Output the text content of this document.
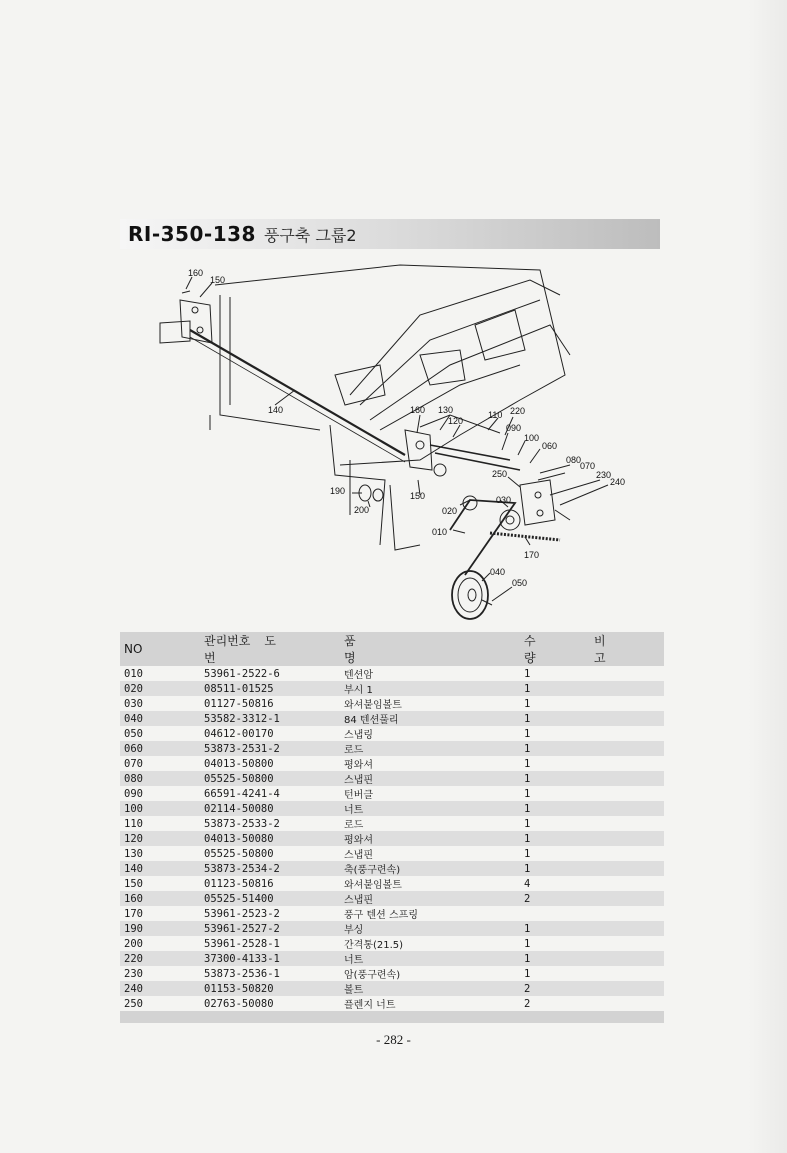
RI-350-138 풍구축 그룹2
160
150
140	160 130
120
110 220
090
100
060
080
070
230
240
250
190	150	030
200	020
010
170
040
050
NO	관리번호 도 번	품 명	수 량	비 고
010	53961-2522-6	텐션암	1	
020	08511-01525	부시 1	1	
030	01127-50816	와셔붙임볼트	1	
040	53582-3312-1	84 텐션풀리	1	
050	04612-00170	스냅링	1	
060	53873-2531-2	로드	1	
070	04013-50800	평와셔	1	
080	05525-50800	스냅핀	1	
090	66591-4241-4	턴버클	1	
100	02114-50080	너트	1	
110	53873-2533-2	로드	1	
120	04013-50080	평와셔	1	
130	05525-50800	스냅핀	1	
140	53873-2534-2	축(풍구련속)	1	
150	01123-50816	와셔붙임볼트	4	
160	05525-51400	스냅핀	2	
170	53961-2523-2	풍구 텐션 스프링		
190	53961-2527-2	부싱	1	
200	53961-2528-1	간격통(21.5)	1	
220	37300-4133-1	너트	1	
230	53873-2536-1	암(풍구련속)	1	
240	01153-50820	볼트	2	
250	02763-50080	플렌지 너트	2	

- 282 -
